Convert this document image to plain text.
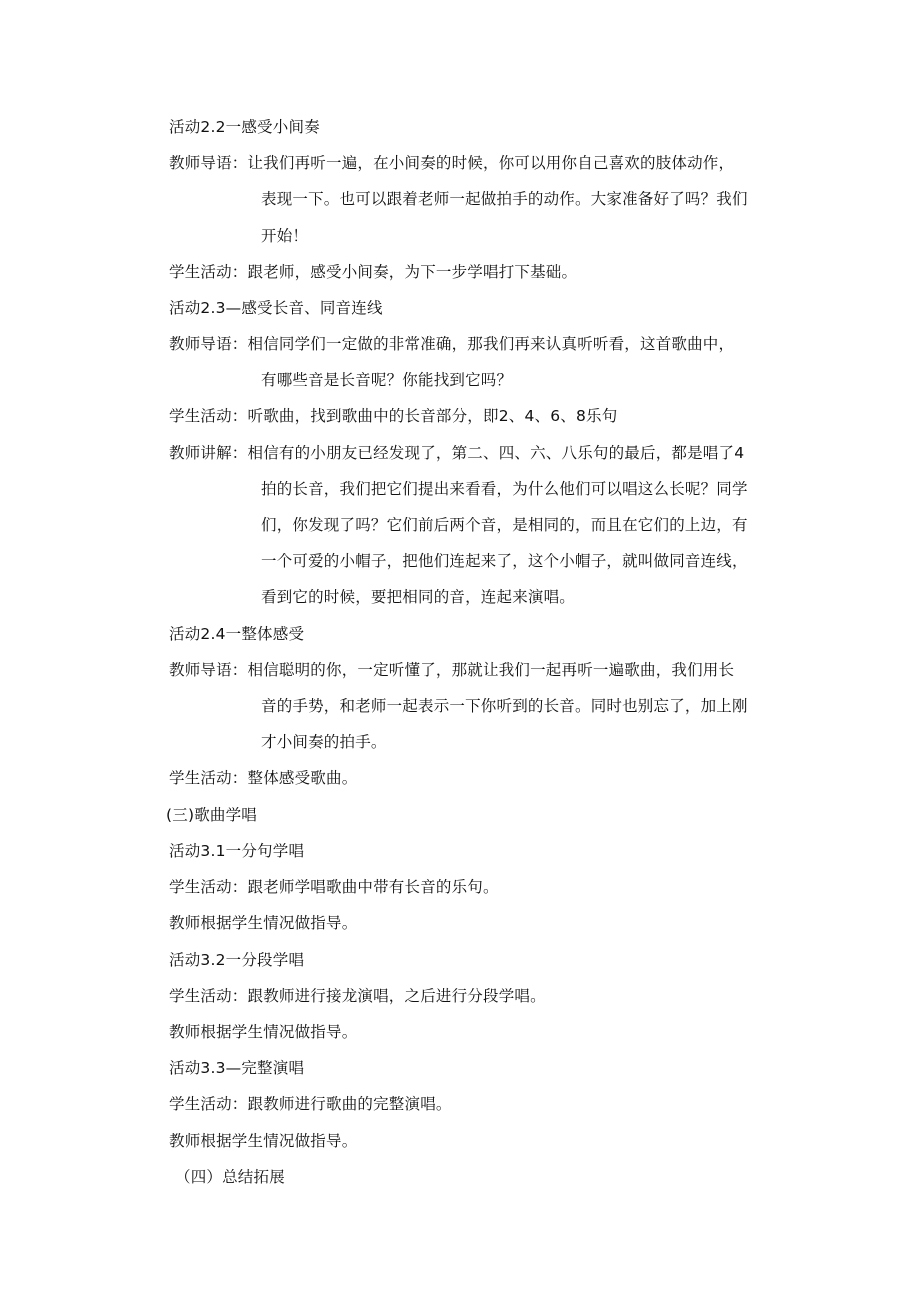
活动2.2一感受小间奏
教师导语：让我们再听一遍，在小间奏的时候，你可以用你自己喜欢的肢体动作，
表现一下。也可以跟着老师一起做拍手的动作。大家准备好了吗？我们
开始！
学生活动：跟老师，感受小间奏，为下一步学唱打下基础。
活动2.3—感受长音、同音连线
教师导语：相信同学们一定做的非常准确，那我们再来认真听听看，这首歌曲中，
有哪些音是长音呢？你能找到它吗？
学生活动：听歌曲，找到歌曲中的长音部分，即2、4、6、8乐句
教师讲解：相信有的小朋友已经发现了，第二、四、六、八乐句的最后，都是唱了4
拍的长音，我们把它们提出来看看，为什么他们可以唱这么长呢？同学
们，你发现了吗？它们前后两个音，是相同的，而且在它们的上边，有
一个可爱的小帽子，把他们连起来了，这个小帽子，就叫做同音连线，
看到它的时候，要把相同的音，连起来演唱。
活动2.4一整体感受
教师导语：相信聪明的你，一定听懂了，那就让我们一起再听一遍歌曲，我们用长
音的手势，和老师一起表示一下你听到的长音。同时也别忘了，加上刚
才小间奏的拍手。
学生活动：整体感受歌曲。
(三)歌曲学唱
活动3.1一分句学唱
学生活动：跟老师学唱歌曲中带有长音的乐句。
教师根据学生情况做指导。
活动3.2一分段学唱
学生活动：跟教师进行接龙演唱，之后进行分段学唱。
教师根据学生情况做指导。
活动3.3—完整演唱
学生活动：跟教师进行歌曲的完整演唱。
教师根据学生情况做指导。
（四）总结拓展
